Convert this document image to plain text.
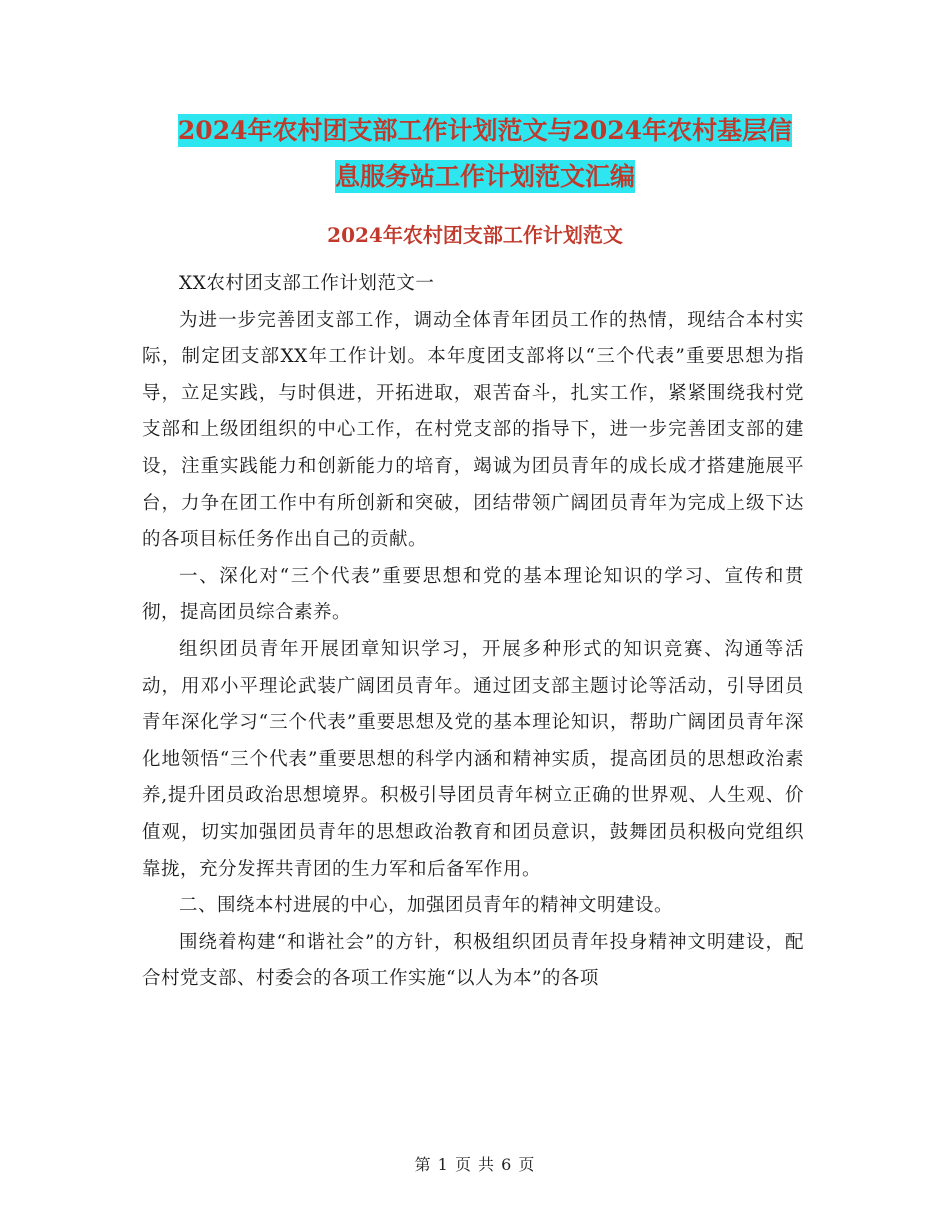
2024年农村团支部工作计划范文与2024年农村基层信
息服务站工作计划范文汇编
2024年农村团支部工作计划范文

XX农村团支部工作计划范文一

为进一步完善团支部工作，调动全体青年团员工作的热情，现结合本村实际，制定团支部XX年工作计划。本年度团支部将以“三个代表”重要思想为指导，立足实践，与时俱进，开拓进取，艰苦奋斗，扎实工作，紧紧围绕我村党支部和上级团组织的中心工作，在村党支部的指导下，进一步完善团支部的建设，注重实践能力和创新能力的培育，竭诚为团员青年的成长成才搭建施展平台，力争在团工作中有所创新和突破，团结带领广阔团员青年为完成上级下达的各项目标任务作出自己的贡献。

一、深化对“三个代表”重要思想和党的基本理论知识的学习、宣传和贯彻，提高团员综合素养。

组织团员青年开展团章知识学习，开展多种形式的知识竞赛、沟通等活动，用邓小平理论武装广阔团员青年。通过团支部主题讨论等活动，引导团员青年深化学习“三个代表”重要思想及党的基本理论知识，帮助广阔团员青年深化地领悟“三个代表”重要思想的科学内涵和精神实质，提高团员的思想政治素养,提升团员政治思想境界。积极引导团员青年树立正确的世界观、人生观、价值观，切实加强团员青年的思想政治教育和团员意识，鼓舞团员积极向党组织靠拢，充分发挥共青团的生力军和后备军作用。

二、围绕本村进展的中心，加强团员青年的精神文明建设。

围绕着构建“和谐社会”的方针，积极组织团员青年投身精神文明建设，配合村党支部、村委会的各项工作实施“以人为本”的各项

第 1 页 共 6 页
